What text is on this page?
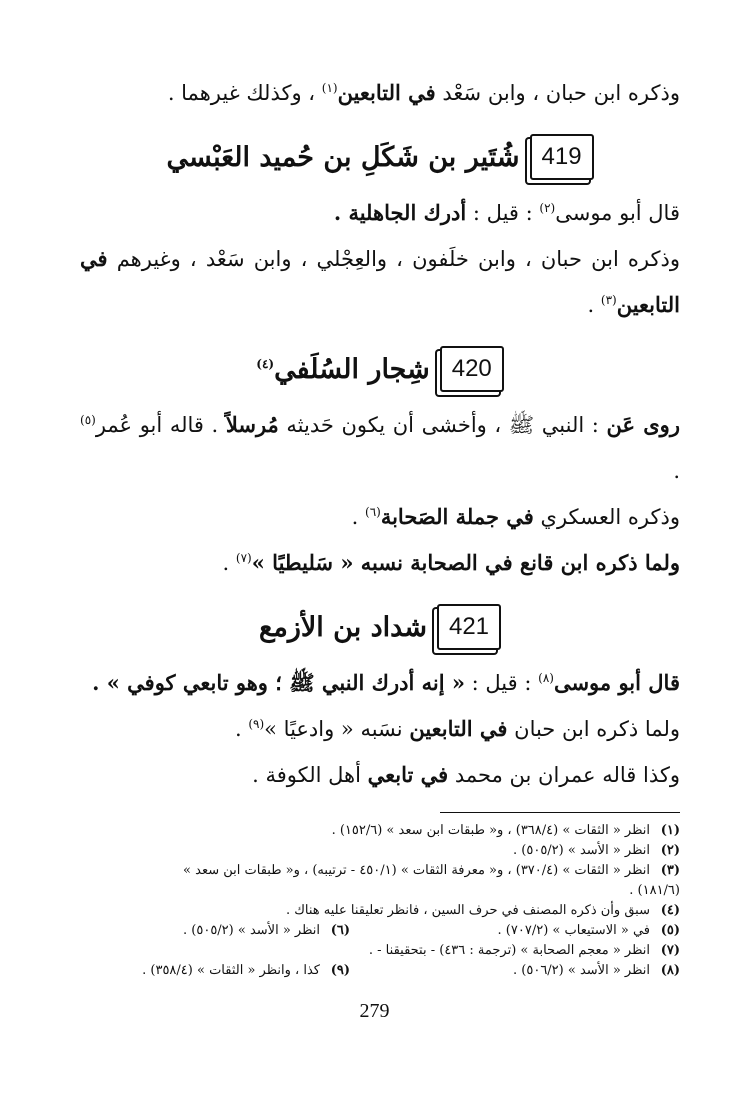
وذكره ابن حبان ، وابن سَعْد في التابعين$^{(١)}$ ، وكذلك غيرهما .

419
شُتَير بن شَكَلِ بن حُميد العَبْسي

قال أبو موسى$^{(٢)}$ : قيل : أدرك الجاهلية .

وذكره ابن حبان ، وابن خلَفون ، والعِجْلي ، وابن سَعْد ، وغيرهم في التابعين$^{(٣)}$ .

420
شِجار السُلَفي$^{(٤)}$

روى عَن : النبي ﷺ ، وأخشى أن يكون حَديثه مُرسلاً . قاله أبو عُمر$^{(٥)}$ .

وذكره العسكري في جملة الصَحابة$^{(٦)}$ .

ولما ذكره ابن قانع في الصحابة نسبه « سَليطيًا »$^{(٧)}$ .

421
شداد بن الأزمع

قال أبو موسى$^{(٨)}$ : قيل : « إنه أدرك النبي ﷺ ؛ وهو تابعي كوفي » .

ولما ذكره ابن حبان في التابعين نسَبه « وادعيًا »$^{(٩)}$ .

وكذا قاله عمران بن محمد في تابعي أهل الكوفة .

(١)
انظر « الثقات » (٣٦٨/٤) ، و« طبقات ابن سعد » (١٥٢/٦) .

(٢)
انظر « الأسد » (٥٠٥/٢) .

(٣)
انظر « الثقات » (٣٧٠/٤) ، و« معرفة الثقات » (٤٥٠/١ - ترتيبه) ، و« طبقات ابن سعد »

(١٨١/٦) .

(٤)
سبق وأن ذكره المصنف في حرف السين ، فانظر تعليقنا عليه هناك .

(٥)
في « الاستيعاب » (٧٠٧/٢) .
(٦)
انظر « الأسد » (٥٠٥/٢) .

(٧)
انظر « معجم الصحابة » (ترجمة : ٤٣٦) - بتحقيقنا - .

(٨)
انظر « الأسد » (٥٠٦/٢) .
(٩)
كذا ، وانظر « الثقات » (٣٥٨/٤) .

279
